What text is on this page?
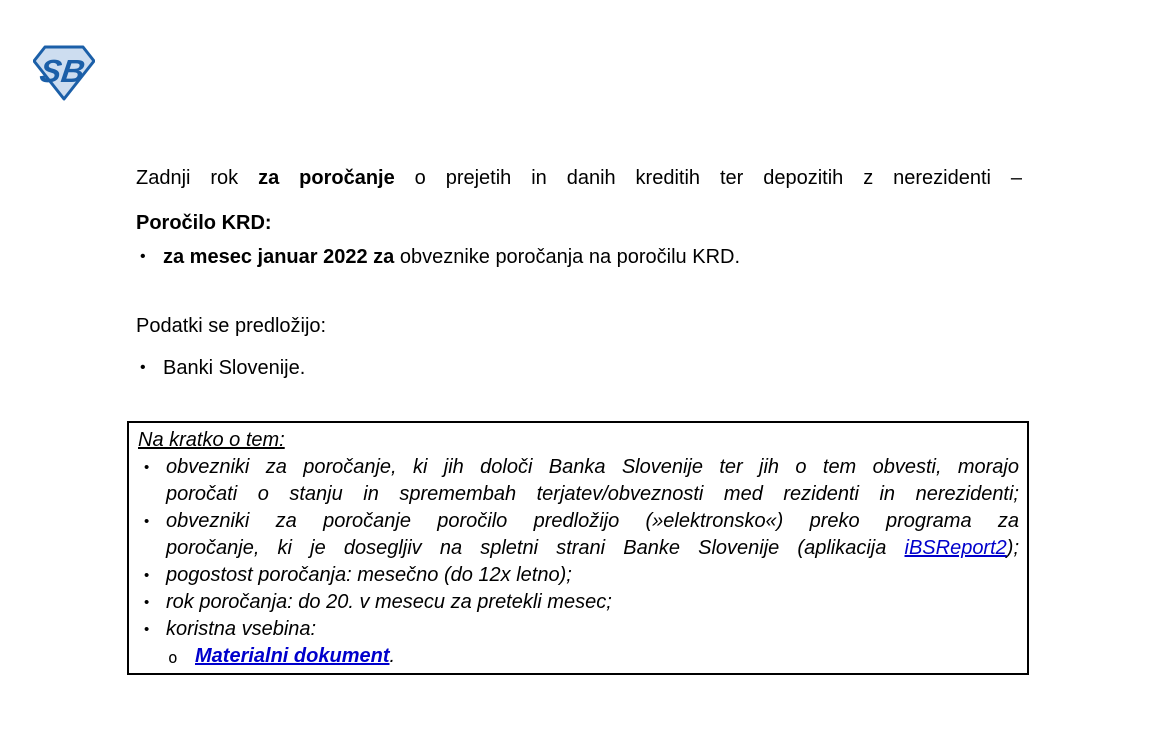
SB
Zadnji rok za poročanje o prejetih in danih kreditih ter depozitih z nerezidenti –
Poročilo KRD:
• za mesec januar 2022 za obveznike poročanja na poročilu KRD.
Podatki se predložijo:
• Banki Slovenije.
Na kratko o tem:
• obvezniki za poročanje, ki jih določi Banka Slovenije ter jih o tem obvesti, morajo
poročati o stanju in spremembah terjatev/obveznosti med rezidenti in nerezidenti;
• obvezniki za poročanje poročilo predložijo (»elektronsko«) preko programa za
poročanje, ki je dosegljiv na spletni strani Banke Slovenije (aplikacija iBSReport2);
• pogostost poročanja: mesečno (do 12x letno);
• rok poročanja: do 20. v mesecu za pretekli mesec;
• koristna vsebina:
o Materialni dokument.
